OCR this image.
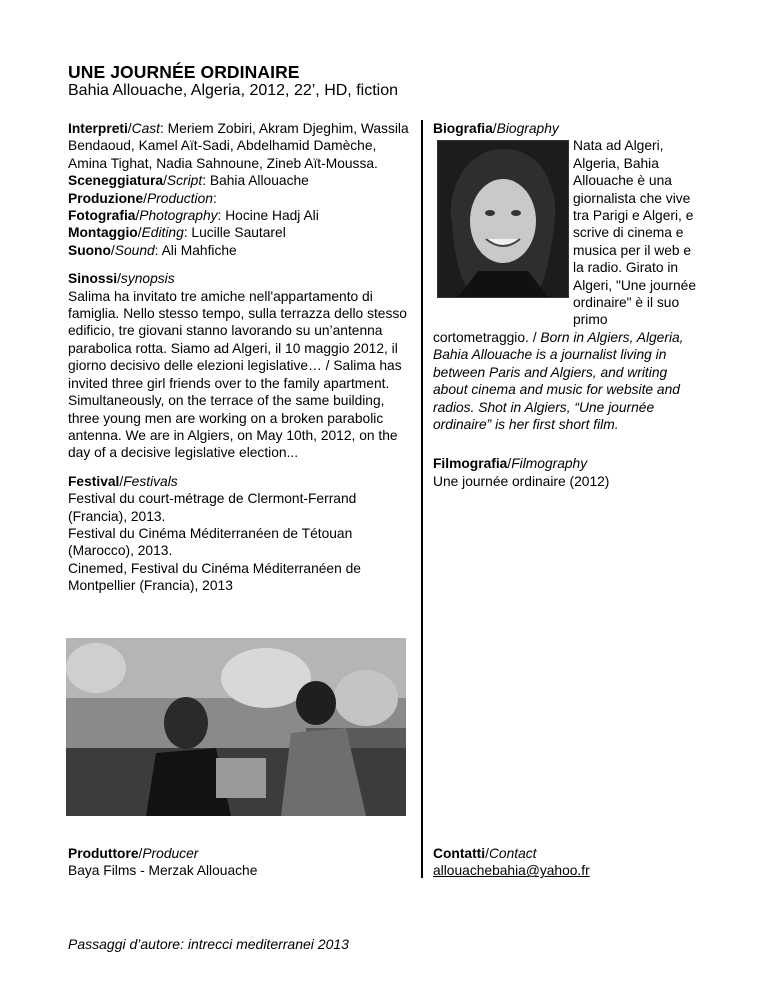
UNE JOURNÉE ORDINAIRE
Bahia Allouache, Algeria, 2012, 22’, HD, fiction

Interpreti/Cast: Meriem Zobiri, Akram Djeghim, Wassila Bendaoud, Kamel Aït-Sadi, Abdelhamid Damèche, Amina Tighat, Nadia Sahnoune, Zineb Aït-Moussa.

Sceneggiatura/Script: Bahia Allouache

Produzione/Production:

Fotografia/Photography: Hocine Hadj Ali

Montaggio/Editing: Lucille Sautarel

Suono/Sound: Ali Mahfiche

Sinossi/synopsis

Salima ha invitato tre amiche nell'appartamento di famiglia. Nello stesso tempo, sulla terrazza dello stesso edificio, tre giovani stanno lavorando su un’antenna parabolica rotta. Siamo ad Algeri, il 10 maggio 2012, il giorno decisivo delle elezioni legislative… / Salima has invited three girl friends over to the family apartment. Simultaneously, on the terrace of the same building, three young men are working on a broken parabolic antenna. We are in Algiers, on May 10th, 2012, on the day of a decisive legislative election...

Festival/Festivals

Festival du court-métrage de Clermont-Ferrand (Francia), 2013.

Festival du Cinéma Méditerranéen de Tétouan (Marocco), 2013.

Cinemed, Festival du Cinéma Méditerranéen de Montpellier (Francia), 2013

Biografia/Biography

Nata ad Algeri, Algeria, Bahia Allouache è una giornalista che vive tra Parigi e Algeri, e scrive di cinema e musica per il web e la radio. Girato in Algeri, "Une journée ordinaire" è il suo primo cortometraggio. / Born in Algiers, Algeria, Bahia Allouache is a journalist living in between Paris and Algiers, and writing about cinema and music for website and radios. Shot in Algiers, “Une journée ordinaire” is her first short film.

Filmografia/Filmography

Une journée ordinaire (2012)

Produttore/Producer

Baya Films - Merzak Allouache

Contatti/Contact

allouachebahia@yahoo.fr

Passaggi d’autore: intrecci mediterranei 2013
